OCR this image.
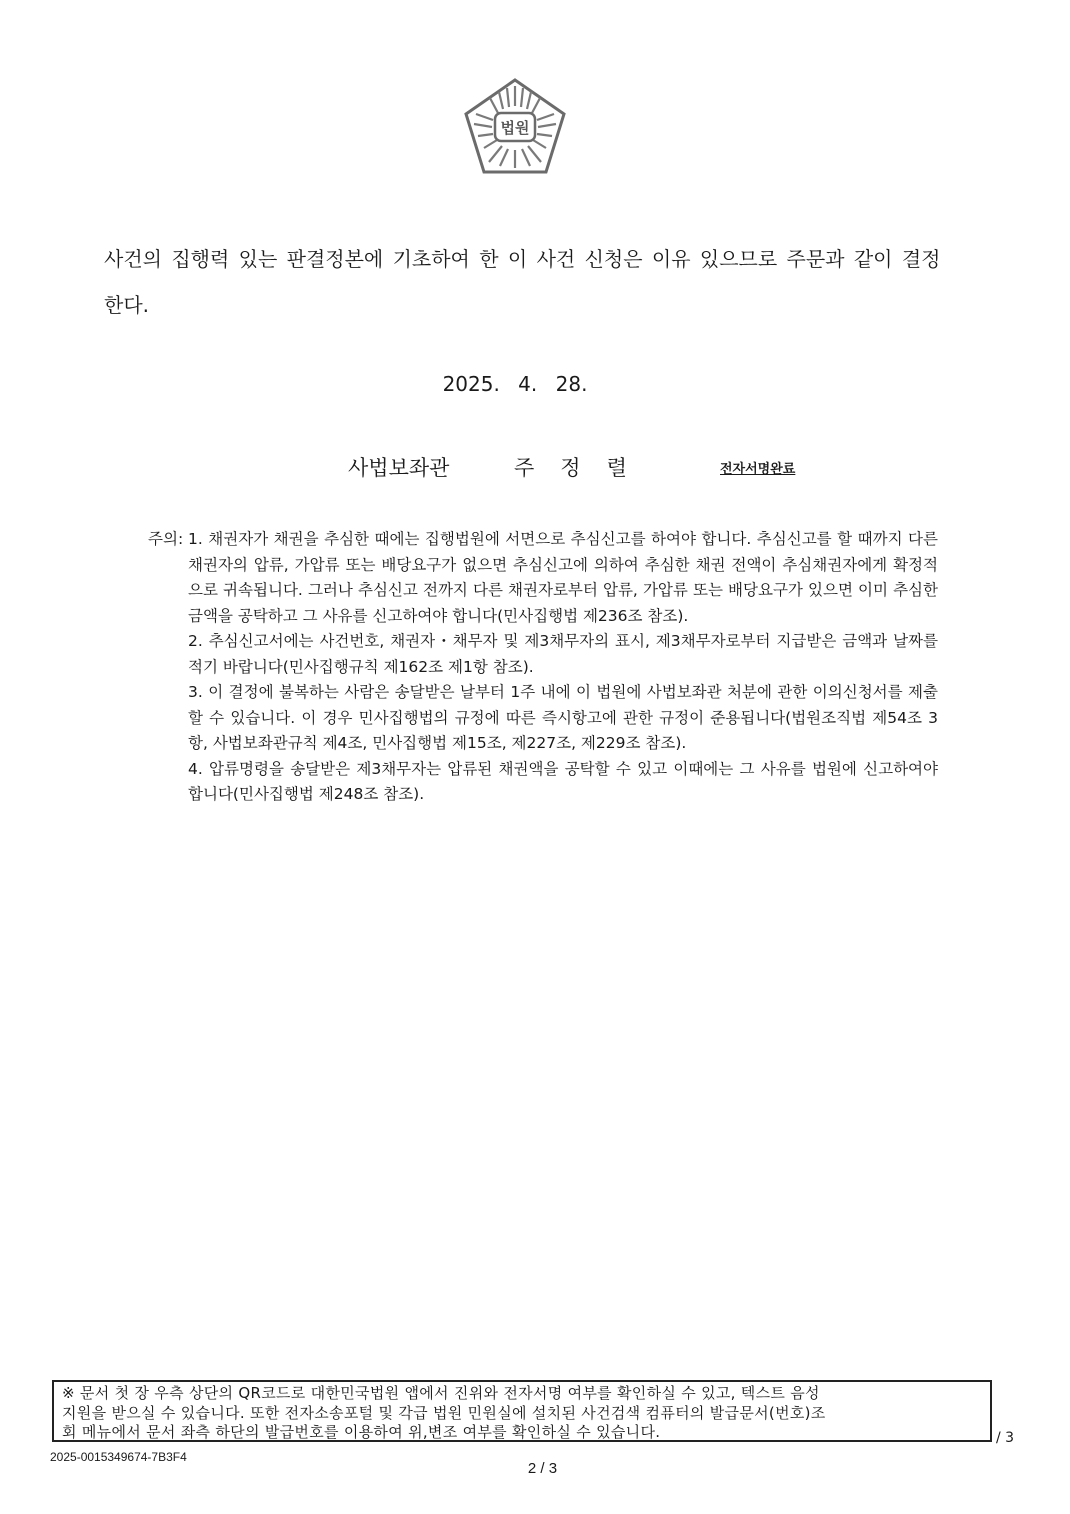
법원

사건의 집행력 있는 판결정본에 기초하여 한 이 사건 신청은 이유 있으므로 주문과 같이 결정한다.

2025. 4. 28.

사법보좌관	주정렬	전자서명완료

주의: 1. 채권자가 채권을 추심한 때에는 집행법원에 서면으로 추심신고를 하여야 합니다. 추심신고를 할 때까지 다른 채권자의 압류, 가압류 또는 배당요구가 없으면 추심신고에 의하여 추심한 채권 전액이 추심채권자에게 확정적으로 귀속됩니다. 그러나 추심신고 전까지 다른 채권자로부터 압류, 가압류 또는 배당요구가 있으면 이미 추심한 금액을 공탁하고 그 사유를 신고하여야 합니다(민사집행법 제236조 참조).
2. 추심신고서에는 사건번호, 채권자・채무자 및 제3채무자의 표시, 제3채무자로부터 지급받은 금액과 날짜를 적기 바랍니다(민사집행규칙 제162조 제1항 참조).
3. 이 결정에 불복하는 사람은 송달받은 날부터 1주 내에 이 법원에 사법보좌관 처분에 관한 이의신청서를 제출할 수 있습니다. 이 경우 민사집행법의 규정에 따른 즉시항고에 관한 규정이 준용됩니다(법원조직법 제54조 3항, 사법보좌관규칙 제4조, 민사집행법 제15조, 제227조, 제229조 참조).
4. 압류명령을 송달받은 제3채무자는 압류된 채권액을 공탁할 수 있고 이때에는 그 사유를 법원에 신고하여야 합니다(민사집행법 제248조 참조).

※ 문서 첫 장 우측 상단의 QR코드로 대한민국법원 앱에서 진위와 전자서명 여부를 확인하실 수 있고, 텍스트 음성

지원을 받으실 수 있습니다. 또한 전자소송포털 및 각급 법원 민원실에 설치된 사건검색 컴퓨터의 발급문서(번호)조

회 메뉴에서 문서 좌측 하단의 발급번호를 이용하여 위,변조 여부를 확인하실 수 있습니다.	/ 3

2025-0015349674-7B3F4

2 / 3
